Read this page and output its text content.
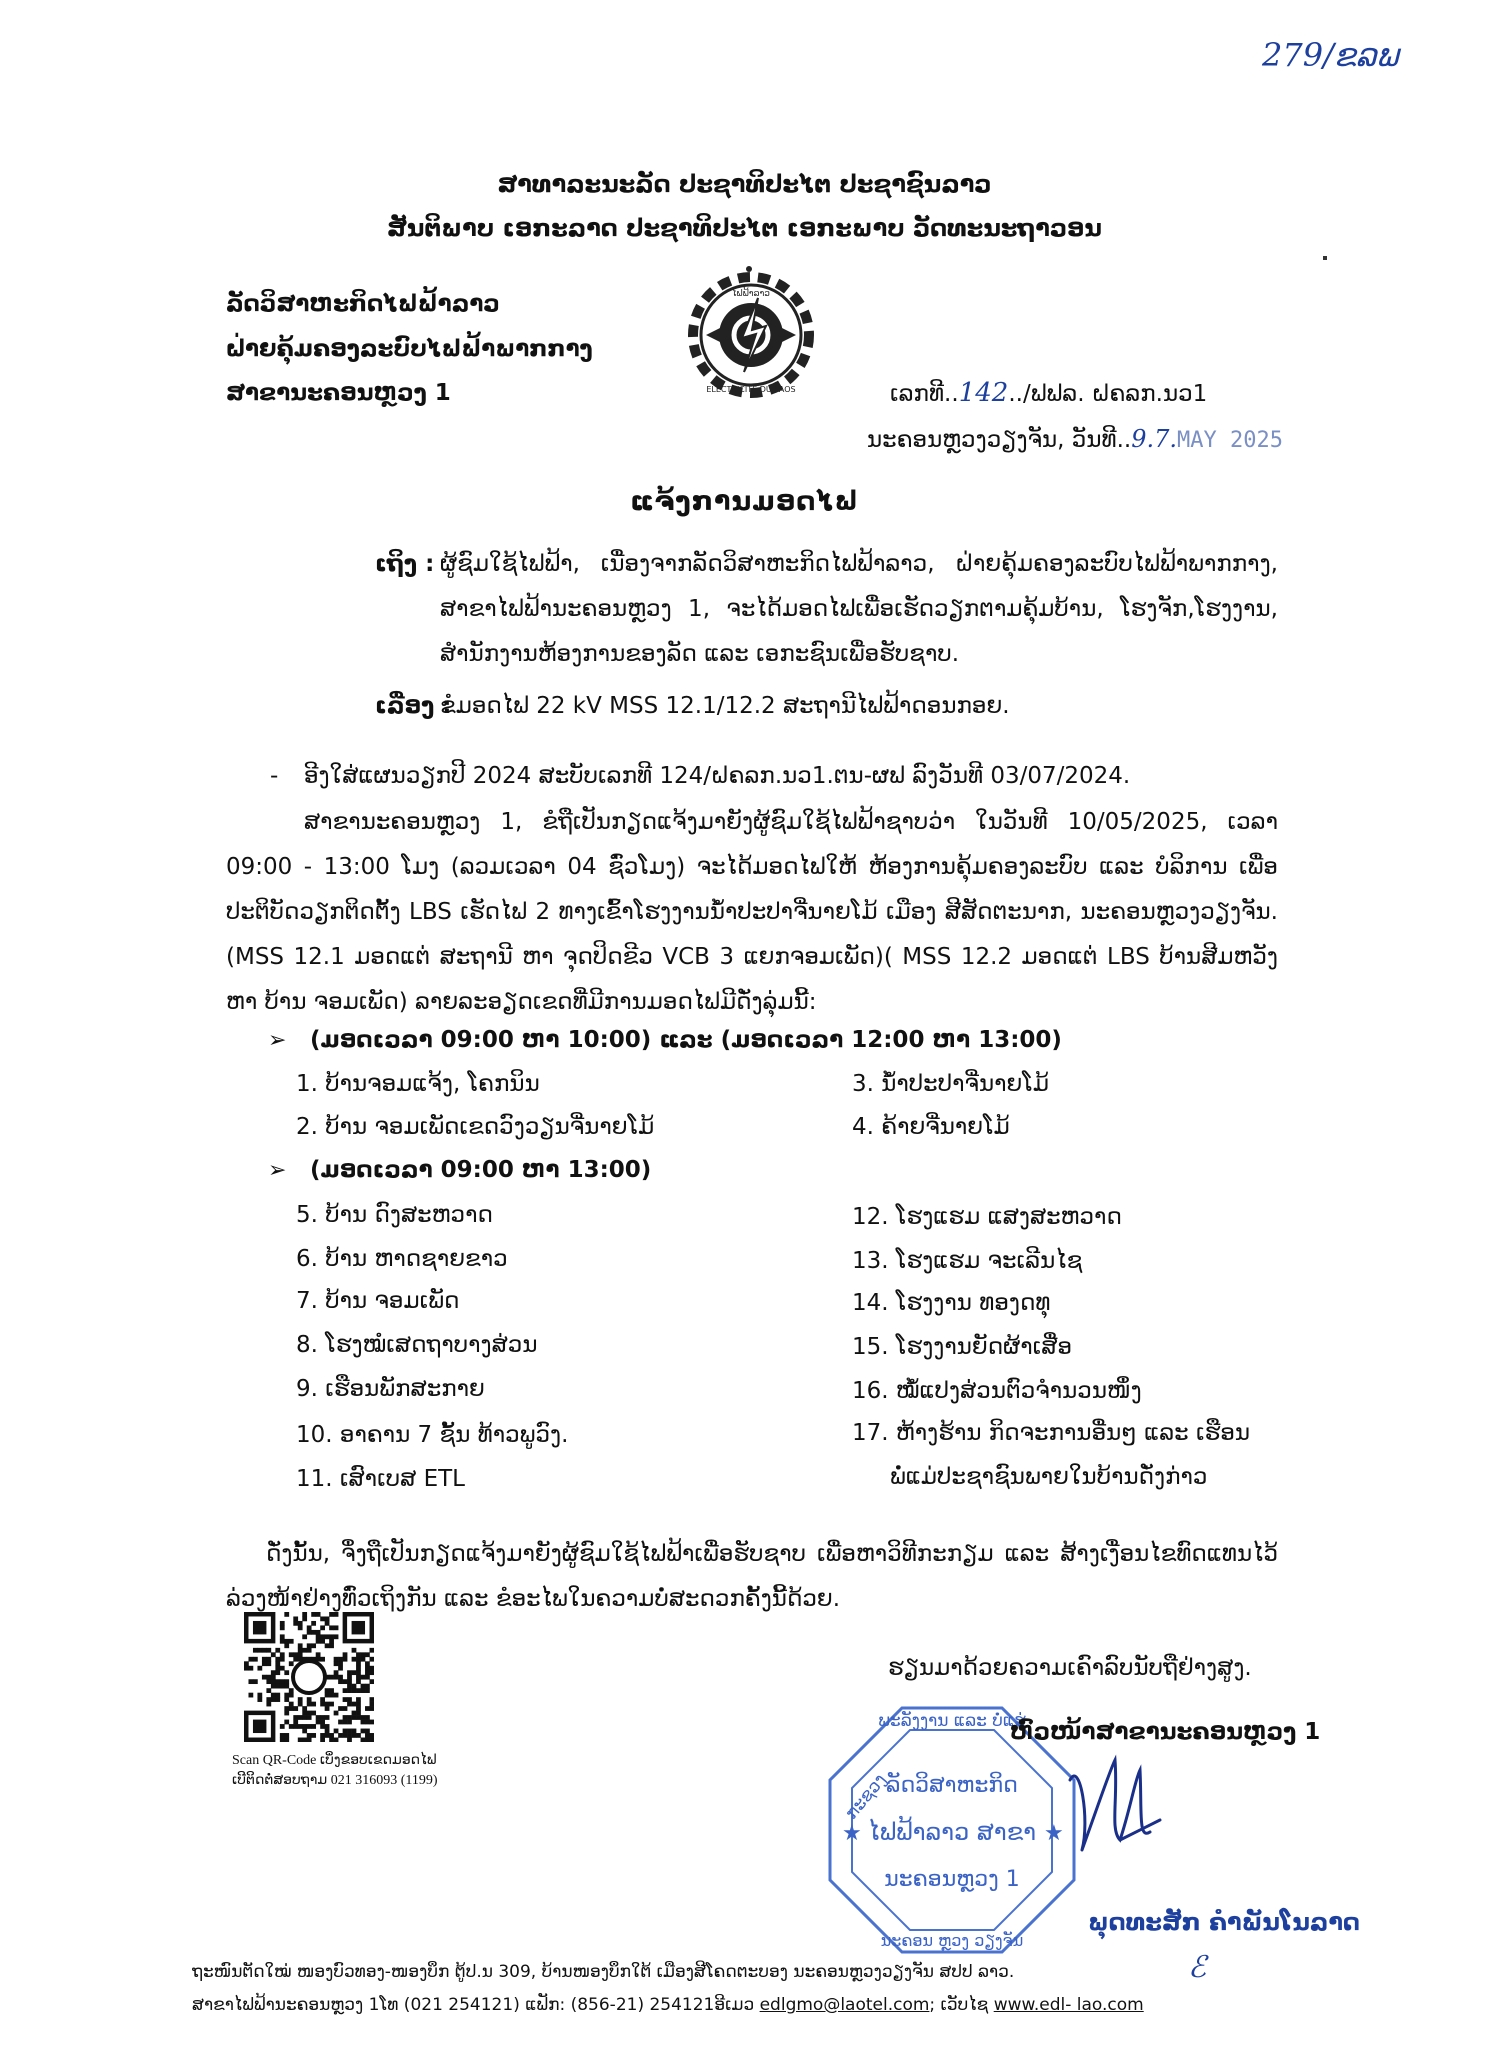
279/ຂລພ
ສາທາລະນະລັດ ປະຊາທິປະໄຕ ປະຊາຊົນລາວ
ສັນຕິພາບ ເອກະລາດ ປະຊາທິປະໄຕ ເອກະພາບ ວັດທະນະຖາວອນ
ລັດວິສາຫະກິດໄຟຟ້າລາວ
ຝ່າຍຄຸ້ມຄອງລະບົບໄຟຟ້າພາກກາງ
ສາຂານະຄອນຫຼວງ 1
ໄຟຟ້າລາວ
ELECTRICITE DU LAOS	ເລກທີ..142../ຟຟລ. ຝຄລກ.ນວ1
ນະຄອນຫຼວງວຽງຈັນ, ວັນທີ..9.7.MAY 2025
ແຈ້ງການມອດໄຟ
ເຖິງ : ຜູ້ຊົມໃຊ້ໄຟຟ້າ, ເນື່ອງຈາກລັດວິສາຫະກິດໄຟຟ້າລາວ, ຝ່າຍຄຸ້ມຄອງລະບົບໄຟຟ້າພາກກາງ, ສາຂາໄຟຟ້ານະຄອນຫຼວງ 1, ຈະໄດ້ມອດໄຟເພື່ອເຮັດວຽກຕາມຄຸ້ມບ້ານ, ໂຮງຈັກ,ໂຮງງານ, ສຳນັກງານຫ້ອງການຂອງລັດ ແລະ ເອກະຊົນເພື່ອຮັບຊາບ.
ເລື່ອງ :
ຂໍມອດໄຟ 22 kV MSS 12.1/12.2 ສະຖານີໄຟຟ້າດອນກອຍ.
- ອີງໃສ່ແຜນວຽກປີ 2024 ສະບັບເລກທີ 124/ຝຄລກ.ນວ1.ຕນ-ຜຟ ລົງວັນທີ 03/07/2024.
ສາຂານະຄອນຫຼວງ 1, ຂໍຖືເປັນກຽດແຈ້ງມາຍັງຜູ້ຊົມໃຊ້ໄຟຟ້າຊາບວ່າ ໃນວັນທີ 10/05/2025, ເວລາ 09:00 - 13:00 ໂມງ (ລວມເວລາ 04 ຊົ່ວໂມງ) ຈະໄດ້ມອດໄຟໃຫ້ ຫ້ອງການຄຸ້ມຄອງລະບົບ ແລະ ບໍລິການ ເພື່ອປະຕິບັດວຽກຕິດຕັ້ງ LBS ເຮັດໄຟ 2 ທາງເຂົ້າໂຮງງານນ້ຳປະປາຈີ່ນາຍໂມ້ ເມືອງ ສີສັດຕະນາກ, ນະຄອນຫຼວງວຽງຈັນ.(MSS 12.1 ມອດແຕ່ ສະຖານີ ຫາ ຈຸດປິດຂີວ VCB 3 ແຍກຈອມເພັດ)( MSS 12.2 ມອດແຕ່ LBS ບ້ານສີມຫວັງ ຫາ ບ້ານ ຈອມເພັດ) ລາຍລະອຽດເຂດທີ່ມີການມອດໄຟມີດັ່ງລຸ່ມນີ້:
➢ (ມອດເວລາ 09:00 ຫາ 10:00) ແລະ (ມອດເວລາ 12:00 ຫາ 13:00)
1. ບ້ານຈອມແຈ້ງ, ໂຄກນິນ
2. ບ້ານ ຈອມເພັດເຂດວົງວຽນຈີ່ນາຍໂມ້
3. ນ້ຳປະປາຈີ່ນາຍໂມ້
4. ຄ້າຍຈີ່ນາຍໂມ້
➢ (ມອດເວລາ 09:00 ຫາ 13:00)
5. ບ້ານ ດົງສະຫວາດ
6. ບ້ານ ຫາດຊາຍຂາວ
7. ບ້ານ ຈອມເພັດ
8. ໂຮງໝໍເສດຖາບາງສ່ວນ
9. ເຮືອນພັກສະກາຍ
10. ອາຄານ 7 ຊັ້ນ ທ້າວພູວົງ.
11. ເສົາເບສ ETL
12. ໂຮງແຮມ ແສງສະຫວາດ
13. ໂຮງແຮມ ຈະເລີນໄຊ
14. ໂຮງງານ ທອງດທຸ
15. ໂຮງງານຍັດຜ້າເສື່ອ
16. ໝໍ້ແປງສ່ວນຕົວຈຳນວນໜຶ່ງ
17. ຫ້າງຮ້ານ ກິດຈະການອື່ນໆ ແລະ ເຮືອນ
ພໍ່ແມ່ປະຊາຊົນພາຍໃນບ້ານດັ່ງກ່າວ
ດັ່ງນັ້ນ, ຈຶ່ງຖືເປັນກຽດແຈ້ງມາຍັງຜູ້ຊົມໃຊ້ໄຟຟ້າເພື່ອຮັບຊາບ ເພື່ອຫາວິທີກະກຽມ ແລະ ສ້າງເງື່ອນໄຂທົດແທນໄວ້ລ່ວງໜ້າຢ່າງທົ່ວເຖິງກັນ ແລະ ຂໍອະໄພໃນຄວາມບໍ່ສະດວກຄັ້ງນີ້ດ້ວຍ.
Scan QR-Code ເບິ່ງຂອບເຂດມອດໄຟ
ເບີຕິດຕໍ່ສອບຖາມ 021 316093 (1199)
ຮຽນມາດ້ວຍຄວາມເຄົາລົບນັບຖືຢ່າງສູງ.
ພະລັງງານ ແລະ ບໍ່ແຮ່
ກະຊວງ
ນະຄອນ ຫຼວງ ວຽງຈັນ
ລັດວິສາຫະກິດ
ໄຟຟ້າລາວ ສາຂາ
ນະຄອນຫຼວງ 1
★	★
ຫົວໜ້າສາຂານະຄອນຫຼວງ 1
ພຸດທະສັກ ຄຳພັນໂນລາດ
ຖະໜົນຕັດໃໝ່ ໜອງບົວທອງ-ໜອງບຶກ ຕູ້ປ.ນ 309, ບ້ານໜອງບຶກໃຕ້ ເມືອງສີໂຄດຕະບອງ ນະຄອນຫຼວງວຽງຈັນ ສປປ ລາວ.	ℰ
ສາຂາໄຟຟ້ານະຄອນຫຼວງ 1ໂທ (021 254121) ແຟັກ: (856-21) 254121ອີເມວ edlgmo@laotel.com; ເວັບໄຊ www.edl- lao.com
